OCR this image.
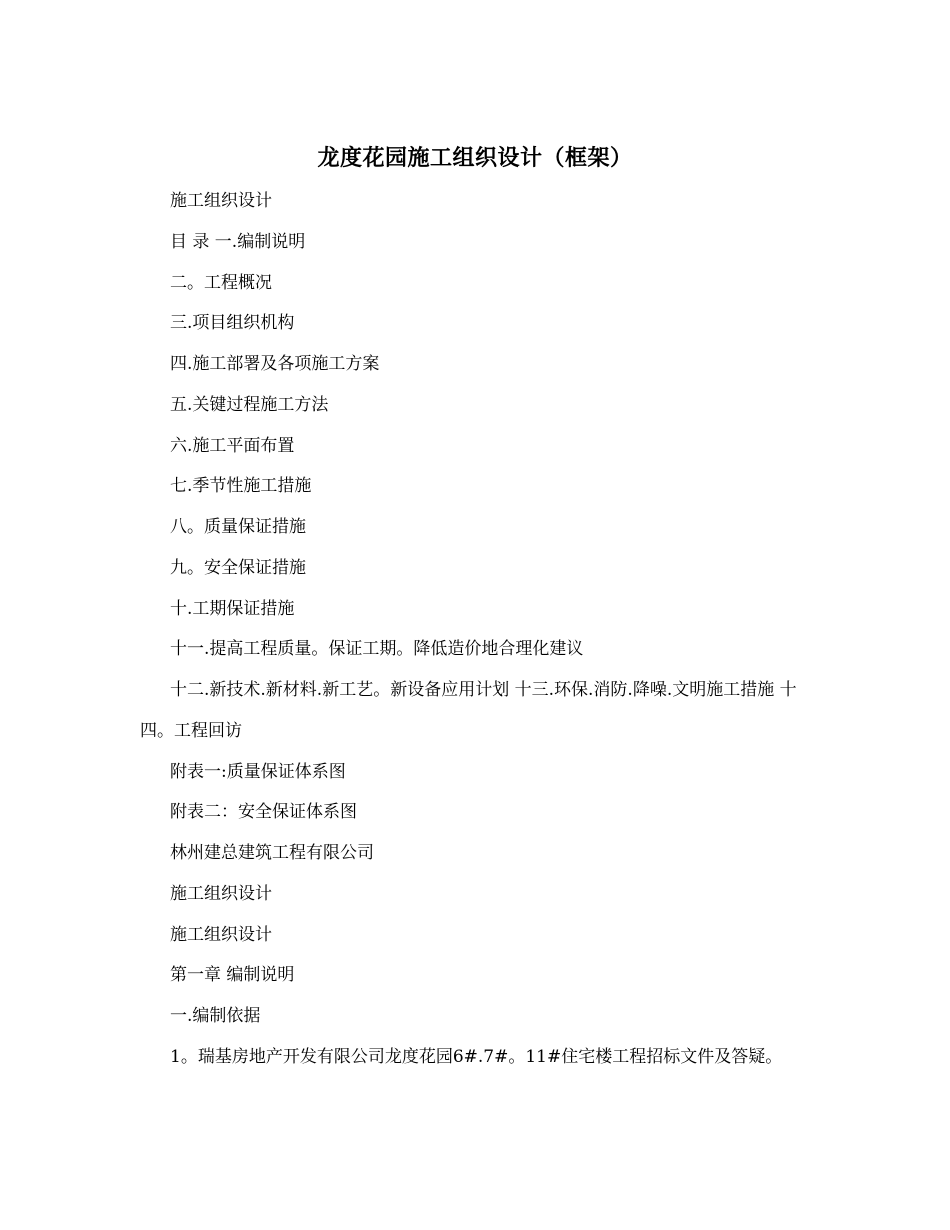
龙度花园施工组织设计（框架）
施工组织设计
目 录 一.编制说明
二。工程概况
三.项目组织机构
四.施工部署及各项施工方案
五.关键过程施工方法
六.施工平面布置
七.季节性施工措施
八。质量保证措施
九。安全保证措施
十.工期保证措施
十一.提高工程质量。保证工期。降低造价地合理化建议
十二.新技术.新材料.新工艺。新设备应用计划 十三.环保.消防.降噪.文明施工措施 十四。工程回访
附表一:质量保证体系图
附表二：安全保证体系图
林州建总建筑工程有限公司
施工组织设计
施工组织设计
第一章 编制说明
一.编制依据
1。瑞基房地产开发有限公司龙度花园6#.7#。11#住宅楼工程招标文件及答疑。
